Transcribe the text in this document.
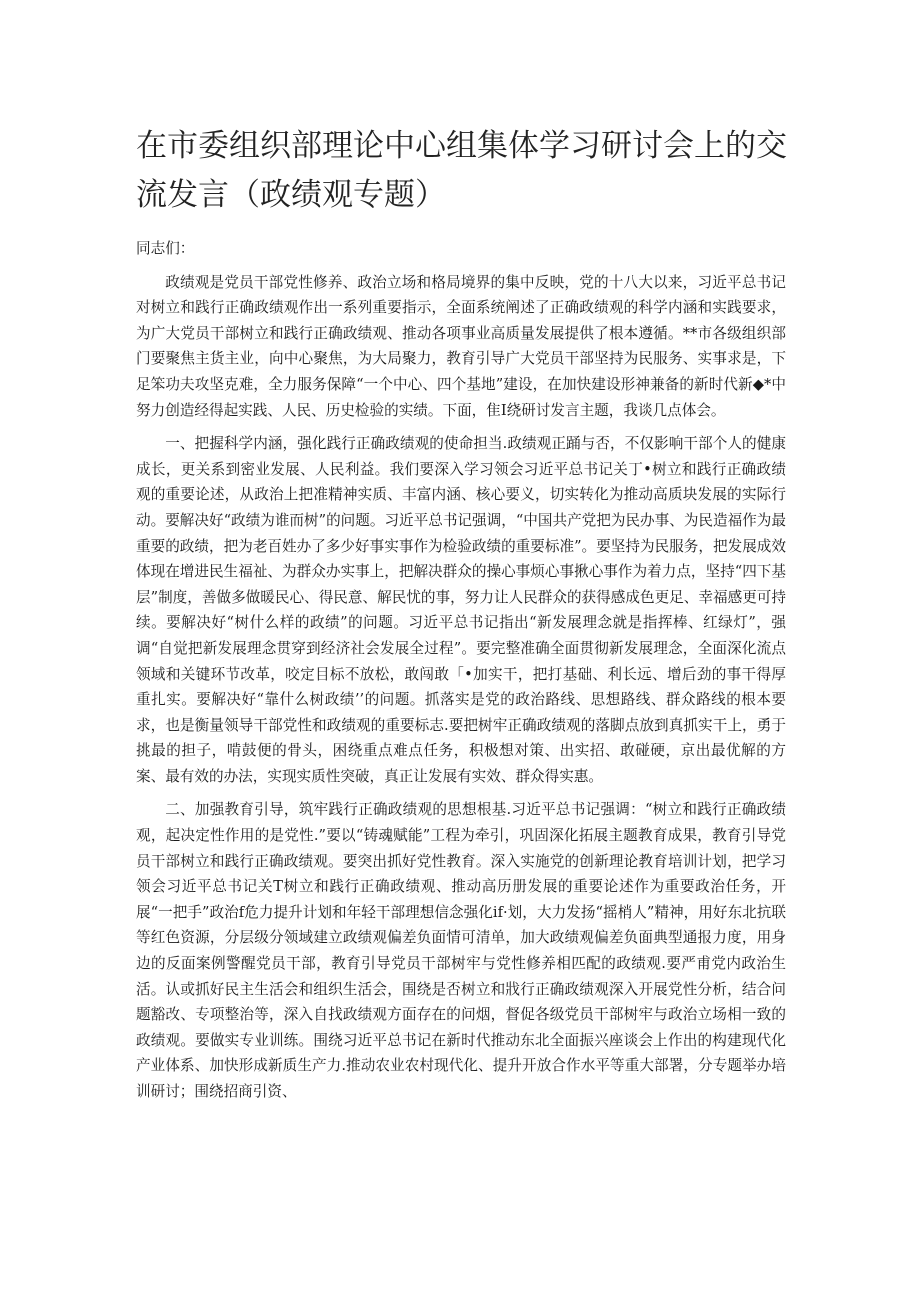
在市委组织部理论中心组集体学习研讨会上的交流发言（政绩观专题）

同志们：

政绩观是党员干部党性修养、政治立场和格局境界的集中反映，党的十八大以来，习近平总书记对树立和践行正确政绩观作出一系列重要指示，全面系统阐述了正确政绩观的科学内涵和实践要求，为广大党员干部树立和践行正确政绩观、推动各项事业高质量发展提供了根本遵循。**市各级组织部门要聚焦主货主业，向中心聚焦，为大局聚力，教育引导广大党员干部坚持为民服务、实事求是，下足笨功夫攻坚克难，全力服务保障“一个中心、四个基地”建设，在加快建设形神兼备的新时代新◆*中努力创造经得起实践、人民、历史检验的实绩。下面，隹I绕研讨发言主题，我谈几点体会。

一、把握科学内涵，强化践行正确政绩观的使命担当.政绩观正踊与否，不仅影响干部个人的健康成长，更关系到密业发展、人民利益。我们要深入学习领会习近平总书记关丁•树立和践行正确政绩观的重要论述，从政治上把准精神实质、丰富内涵、核心要义，切实转化为推动高质块发展的实际行动。要解决好“政绩为谁而树”的问题。习近平总书记强调，“中国共产党把为民办事、为民造福作为最重要的政绩，把为老百姓办了多少好事实事作为检验政绩的重要标准”。要坚持为民服务，把发展成效体现在增进民生福祉、为群众办实事上，把解决群众的操心事烦心事揪心事作为着力点，坚持“四下基层”制度，善做多做暖民心、得民意、解民忧的事，努力让人民群众的获得感成色更足、幸福感更可持续。要解决好“树什么样的政绩”的问题。习近平总书记指出“新发展理念就是指挥棒、红绿灯”，强调“自觉把新发展理念贯穿到经济社会发展全过程”。要完整准确全面贯彻新发展理念，全面深化流点领域和关键环节改革，咬定目标不放松，敢闯敢「•加实干，把打基础、利长远、增后劲的事干得厚重扎实。要解决好“靠什么树政绩’’的问题。抓落实是党的政治路线、思想路线、群众路线的根本要求，也是衡量领导干部党性和政绩观的重要标志.要把树牢正确政绩观的落脚点放到真抓实干上，勇于挑最的担子，啃鼓便的骨头，困绕重点难点任务，积极想对策、出实招、敢碰硬，京出最优解的方案、最有效的办法，实现实质性突破，真正让发展有实效、群众得实惠。

二、加强教育引导，筑牢践行正确政绩观的思想根基.习近平总书记强调：“树立和践行正确政绩观，起决定性作用的是党性.”要以“铸魂赋能”工程为牵引，巩固深化拓展主题教育成果，教育引导党员干部树立和践行正确政绩观。要突出抓好党性教育。深入实施党的创新理论教育培训计划，把学习领会习近平总书记关T树立和践行正确政绩观、推动高历册发展的重要论述作为重要政治任务，开展“一把手”政治f危力提升计划和年轻干部理想信念强化if·划，大力发扬“摇梢人”精神，用好东北抗联等红色资源，分层级分领域建立政绩观偏差负面情可清单，加大政绩观偏差负面典型通报力度，用身边的反面案例警醒党员干部，教育引导党员干部树牢与党性修养相匹配的政绩观.要严甫党内政治生活。认或抓好民主生活会和组织生活会，围绕是否树立和戕行正确政绩观深入开展党性分析，结合问题豁改、专项整治等，深入自找政绩观方面存在的问烟，督促各级党员干部树牢与政治立场相一致的政绩观。要做实专业训练。围绕习近平总书记在新时代推动东北全面振兴座谈会上作出的构建现代化产业体系、加快形成新质生产力.推动农业农村现代化、提升开放合作水平等重大部署，分专题举办培训研讨；围绕招商引资、
